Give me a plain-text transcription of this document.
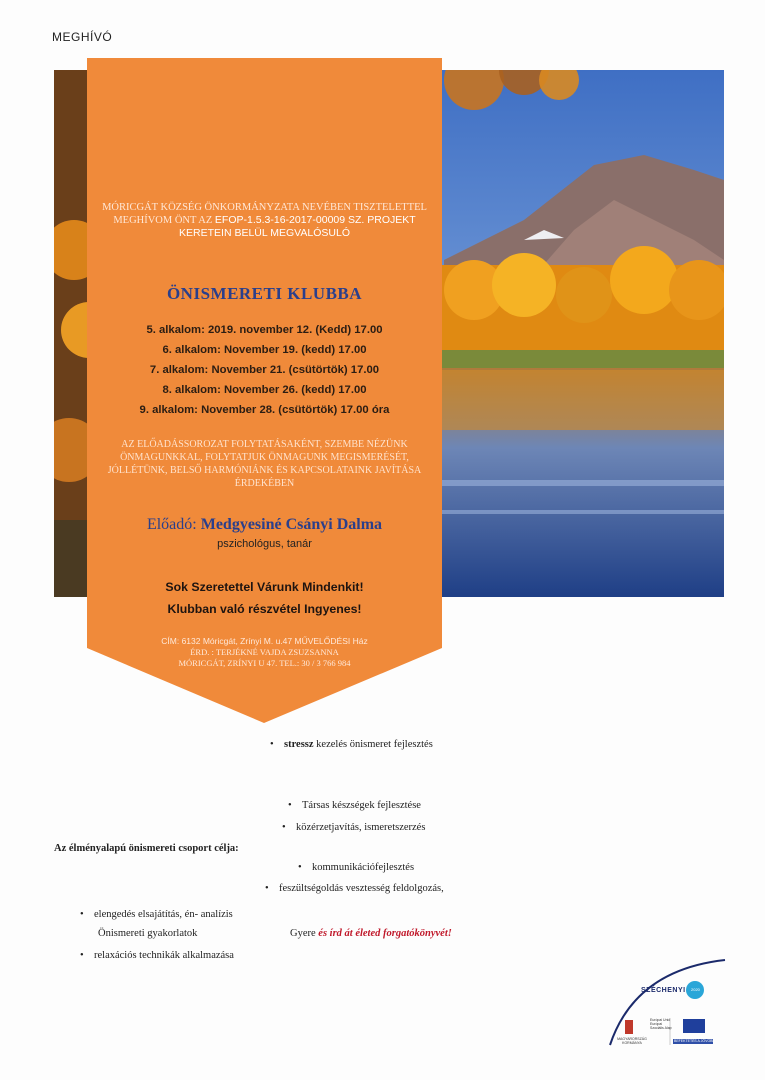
MEGHÍVÓ
MÓRICGÁT KÖZSÉG ÖNKORMÁNYZATA NEVÉBEN TISZTELETTEL MEGHÍVOM ÖNT AZ EFOP-1.5.3-16-2017-00009 SZ. PROJEKT KERETEIN BELÜL MEGVALÓSULÓ
ÖNISMERETI KLUBBA
5. alkalom: 2019. november 12. (Kedd) 17.00
6. alkalom: November 19. (kedd) 17.00
7. alkalom: November 21. (csütörtök) 17.00
8. alkalom: November 26. (kedd) 17.00
9. alkalom: November 28. (csütörtök) 17.00 óra
AZ ELŐADÁSSOROZAT FOLYTATÁSAKÉNT, SZEMBE NÉZÜNK ÖNMAGUNKKAL, FOLYTATJUK ÖNMAGUNK MEGISMERÉSÉT, JÓLLÉTÜNK, BELSŐ HARMÓNIÁNK ÉS KAPCSOLATAINK JAVÍTÁSA ÉRDEKÉBEN
Előadó: Medgyesiné Csányi Dalma
pszichológus, tanár
Sok Szeretettel Várunk Mindenkit!
Klubban való részvétel Ingyenes!
CÍM: 6132 Móricgát, Zrínyi M. u.47 MŰVELŐDÉSI Ház
ÉRD. : TERJÉKNÉ VAJDA ZSUZSANNA
MÓRICGÁT, ZRÍNYI U 47. TEL.: 30 / 3 766 984
• stressz kezelés önismeret fejlesztés
• Társas készségek fejlesztése
• közérzetjavítás, ismeretszerzés
Az élményalapú önismereti csoport célja:
• kommunikációfejlesztés
• feszültségoldás vesztesség feldolgozás,
• elengedés elsajátítás, én- analízis
Önismereti gyakorlatok	Gyere és írd át életed forgatókönyvét!
• relaxációs technikák alkalmazása
SZÉCHENYI 2020
Európai Unió Európai Szociális Alap
MAGYARORSZÁG KORMÁNYA	BEFEKTETÉS A JÖVŐBE
